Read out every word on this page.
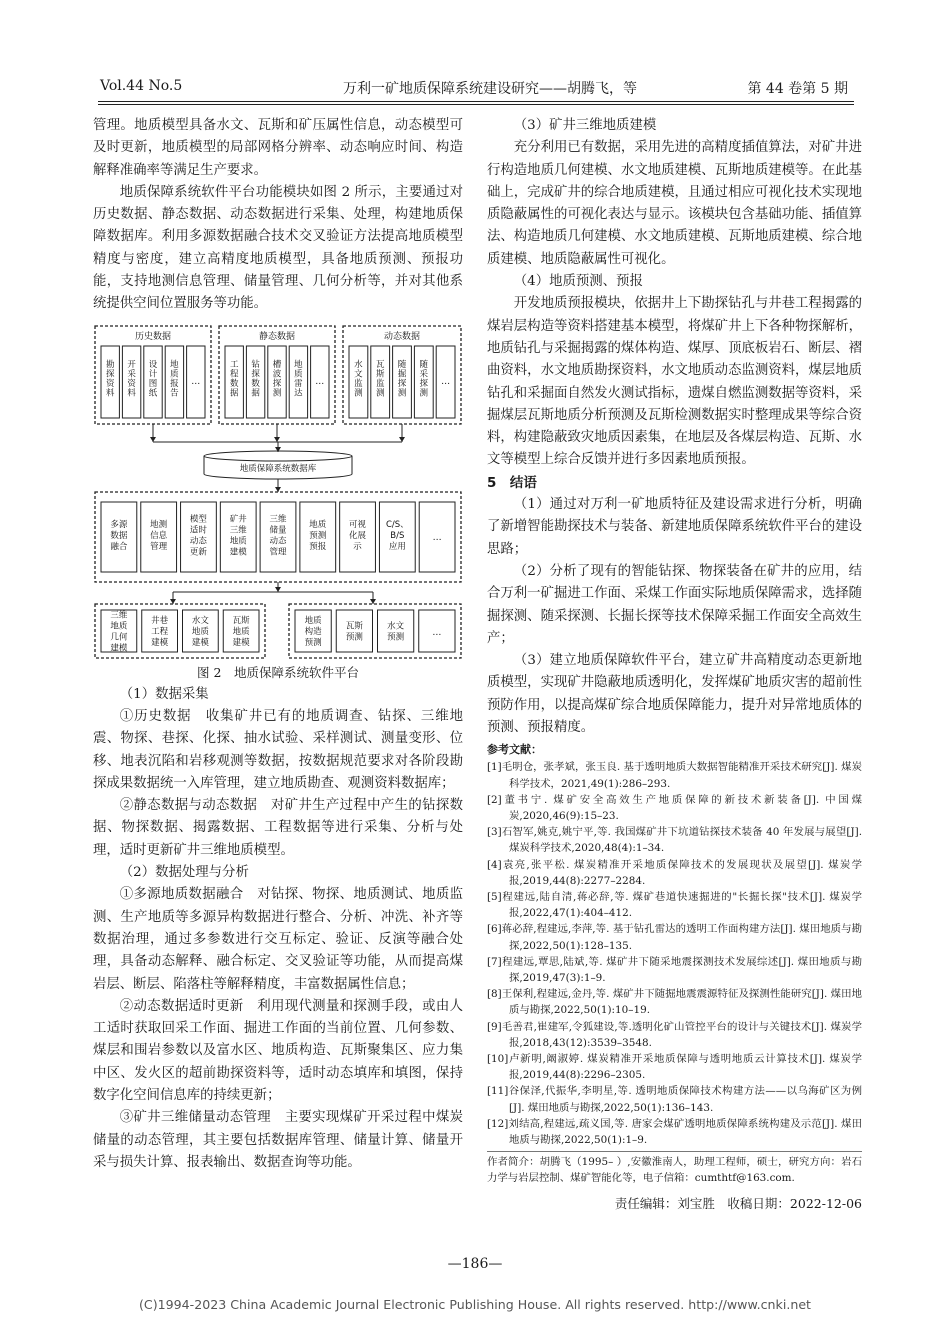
Vol.44 No.5	万利一矿地质保障系统建设研究——胡腾飞，等	第 44 卷第 5 期

管理。地质模型具备水文、瓦斯和矿压属性信息，动态模型可及时更新，地质模型的局部网格分辨率、动态响应时间、构造解释准确率等满足生产要求。

地质保障系统软件平台功能模块如图 2 所示，主要通过对历史数据、静态数据、动态数据进行采集、处理，构建地质保障数据库。利用多源数据融合技术交叉验证方法提高地质模型精度与密度，建立高精度地质模型，具备地质预测、预报功能，支持地测信息管理、储量管理、几何分析等，并对其他系统提供空间位置服务等功能。

历史数据
勘探资料
开采资料
设计图纸
地质报告
…
静态数据
工程数据
钻探数据
槽波探测
地质雷达
…
动态数据
水文监测
瓦斯监测
随掘探测
随采探测
…
地质保障系统数据库
多源
数据
融合
地测
信息
管理
模型
适时
动态
更新
矿井
三维
地质
建模
三维
储量
动态
管理
地质
预测
预报
可视
化展
示
C/S、
B/S
应用
…
三维
地质
几何
建模
井巷
工程
建模
水文
地质
建模
瓦斯
地质
建模
地质
构造
预测
瓦斯
预测
水文
预测	…
图 2　地质保障系统软件平台

（1）数据采集

①历史数据　收集矿井已有的地质调查、钻探、三维地震、物探、巷探、化探、抽水试验、采样测试、测量变形、位移、地表沉陷和岩移观测等数据，按数据规范要求对各阶段勘探成果数据统一入库管理，建立地质勘查、观测资料数据库；

②静态数据与动态数据　对矿井生产过程中产生的钻探数据、物探数据、揭露数据、工程数据等进行采集、分析与处理，适时更新矿井三维地质模型。

（2）数据处理与分析

①多源地质数据融合　对钻探、物探、地质测试、地质监测、生产地质等多源异构数据进行整合、分析、冲洗、补齐等数据治理，通过多参数进行交互标定、验证、反演等融合处理，具备动态解释、融合标定、交叉验证等功能，从而提高煤岩层、断层、陷落柱等解释精度，丰富数据属性信息；

②动态数据适时更新　利用现代测量和探测手段，或由人工适时获取回采工作面、掘进工作面的当前位置、几何参数、煤层和围岩参数以及富水区、地质构造、瓦斯聚集区、应力集中区、发火区的超前勘探资料等，适时动态填库和填图，保持数字化空间信息库的持续更新；

③矿井三维储量动态管理　主要实现煤矿开采过程中煤炭储量的动态管理，其主要包括数据库管理、储量计算、储量开采与损失计算、报表输出、数据查询等功能。

（3）矿井三维地质建模

充分利用已有数据，采用先进的高精度插值算法，对矿井进行构造地质几何建模、水文地质建模、瓦斯地质建模等。在此基础上，完成矿井的综合地质建模，且通过相应可视化技术实现地质隐蔽属性的可视化表达与显示。该模块包含基础功能、插值算法、构造地质几何建模、水文地质建模、瓦斯地质建模、综合地质建模、地质隐蔽属性可视化。

（4）地质预测、预报

开发地质预报模块，依据井上下勘探钻孔与井巷工程揭露的煤岩层构造等资料搭建基本模型，将煤矿井上下各种物探解析，地质钻孔与采掘揭露的煤体构造、煤厚、顶底板岩石、断层、褶曲资料，水文地质勘探资料，水文地质动态监测资料，煤层地质钻孔和采掘面自然发火测试指标，遗煤自燃监测数据等资料，采掘煤层瓦斯地质分析预测及瓦斯检测数据实时整理成果等综合资料，构建隐蔽致灾地质因素集，在地层及各煤层构造、瓦斯、水文等模型上综合反馈并进行多因素地质预报。

5　结语

（1）通过对万利一矿地质特征及建设需求进行分析，明确了新增智能勘探技术与装备、新建地质保障系统软件平台的建设思路；

（2）分析了现有的智能钻探、物探装备在矿井的应用，结合万利一矿掘进工作面、采煤工作面实际地质保障需求，选择随掘探测、随采探测、长掘长探等技术保障采掘工作面安全高效生产；

（3）建立地质保障软件平台，建立矿井高精度动态更新地质模型，实现矿井隐蔽地质透明化，发挥煤矿地质灾害的超前性预防作用，以提高煤矿综合地质保障能力，提升对异常地质体的预测、预报精度。

参考文献：
[1]毛明仓，张孝斌，张玉良. 基于透明地质大数据智能精准开采技术研究[J]. 煤炭科学技术，2021,49(1):286–293.
[2]董书宁. 煤矿安全高效生产地质保障的新技术新装备[J]. 中国煤炭,2020,46(9):15–23.
[3]石智军,姚克,姚宁平,等. 我国煤矿井下坑道钻探技术装备 40 年发展与展望[J]. 煤炭科学技术,2020,48(4):1–34.
[4]袁亮,张平松. 煤炭精准开采地质保障技术的发展现状及展望[J]. 煤炭学报,2019,44(8):2277–2284.
[5]程建远,陆自清,蒋必辞,等. 煤矿巷道快速掘进的"长掘长探"技术[J]. 煤炭学报,2022,47(1):404–412.
[6]蒋必辞,程建远,李萍,等. 基于钻孔雷达的透明工作面构建方法[J]. 煤田地质与勘探,2022,50(1):128–135.
[7]程建远,覃思,陆斌,等. 煤矿井下随采地震探测技术发展综述[J]. 煤田地质与勘探,2019,47(3):1–9.
[8]王保利,程建远,金丹,等. 煤矿井下随掘地震震源特征及探测性能研究[J]. 煤田地质与勘探,2022,50(1):10–19.
[9]毛善君,崔建军,令狐建设,等.透明化矿山管控平台的设计与关键技术[J]. 煤炭学报,2018,43(12):3539–3548.
[10]卢新明,阚淑婷. 煤炭精准开采地质保障与透明地质云计算技术[J]. 煤炭学报,2019,44(8):2296–2305.
[11]谷保泽,代振华,李明星,等. 透明地质保障技术构建方法——以乌海矿区为例[J]. 煤田地质与勘探,2022,50(1):136–143.
[12]刘结高,程建远,疏义国,等. 唐家会煤矿透明地质保障系统构建及示范[J]. 煤田地质与勘探,2022,50(1):1–9.
作者简介：胡腾飞（1995– ）,安徽淮南人，助理工程师，硕士，研究方向：岩石力学与岩层控制、煤矿智能化等，电子信箱：cumthtf@163.com.
责任编辑：刘宝胜　收稿日期：2022-12-06
—186—
(C)1994-2023 China Academic Journal Electronic Publishing House. All rights reserved. http://www.cnki.net
